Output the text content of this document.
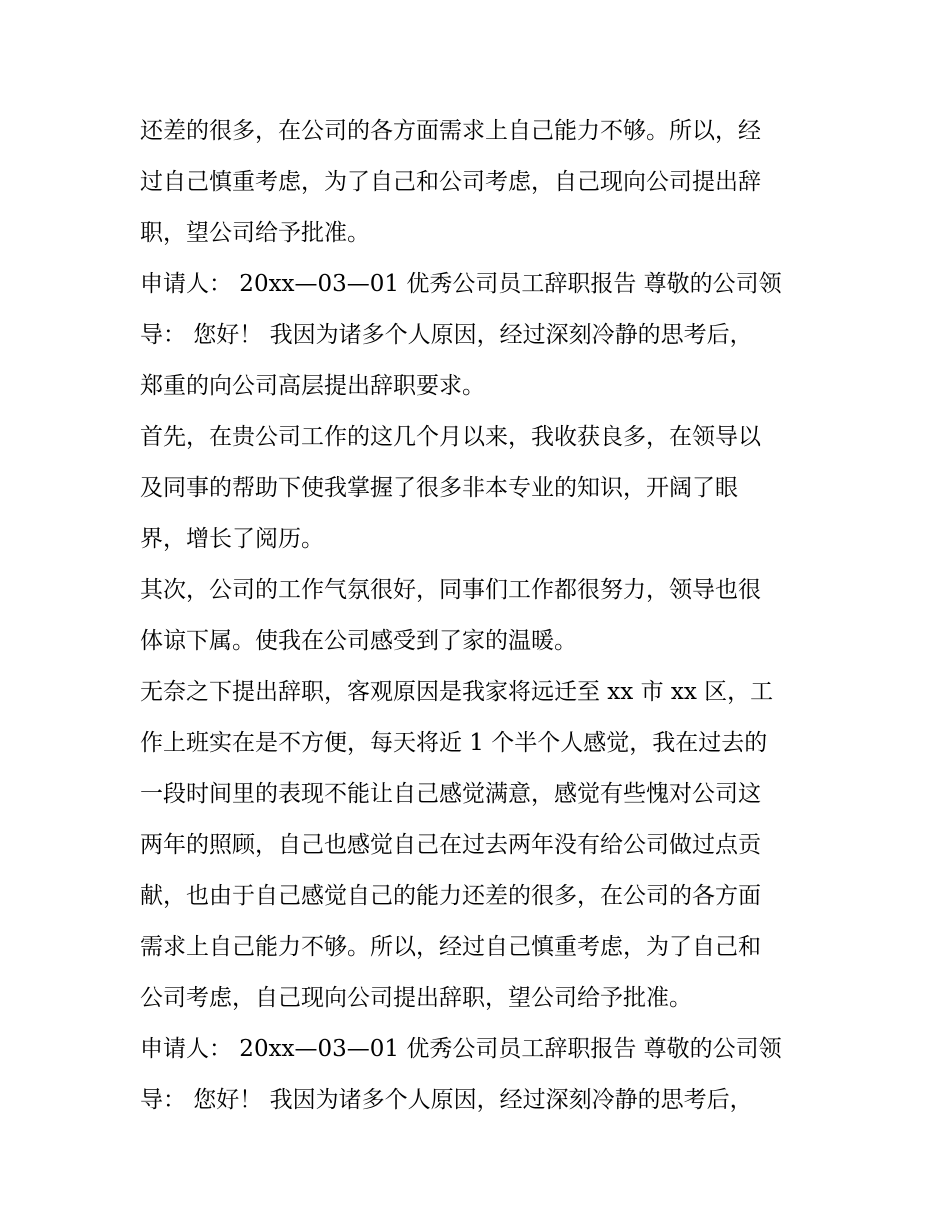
还差的很多，在公司的各方面需求上自己能力不够。所以，经
过自己慎重考虑，为了自己和公司考虑，自己现向公司提出辞
职，望公司给予批准。
申请人： 20xx—03—01 优秀公司员工辞职报告 尊敬的公司领
导： 您好！ 我因为诸多个人原因，经过深刻冷静的思考后，
郑重的向公司高层提出辞职要求。
首先，在贵公司工作的这几个月以来，我收获良多，在领导以
及同事的帮助下使我掌握了很多非本专业的知识，开阔了眼
界，增长了阅历。
其次，公司的工作气氛很好，同事们工作都很努力，领导也很
体谅下属。使我在公司感受到了家的温暖。
无奈之下提出辞职，客观原因是我家将远迁至 xx 市 xx 区，工
作上班实在是不方便，每天将近 1 个半个人感觉，我在过去的
一段时间里的表现不能让自己感觉满意，感觉有些愧对公司这
两年的照顾，自己也感觉自己在过去两年没有给公司做过点贡
献，也由于自己感觉自己的能力还差的很多，在公司的各方面
需求上自己能力不够。所以，经过自己慎重考虑，为了自己和
公司考虑，自己现向公司提出辞职，望公司给予批准。
申请人： 20xx—03—01 优秀公司员工辞职报告 尊敬的公司领
导： 您好！ 我因为诸多个人原因，经过深刻冷静的思考后，
